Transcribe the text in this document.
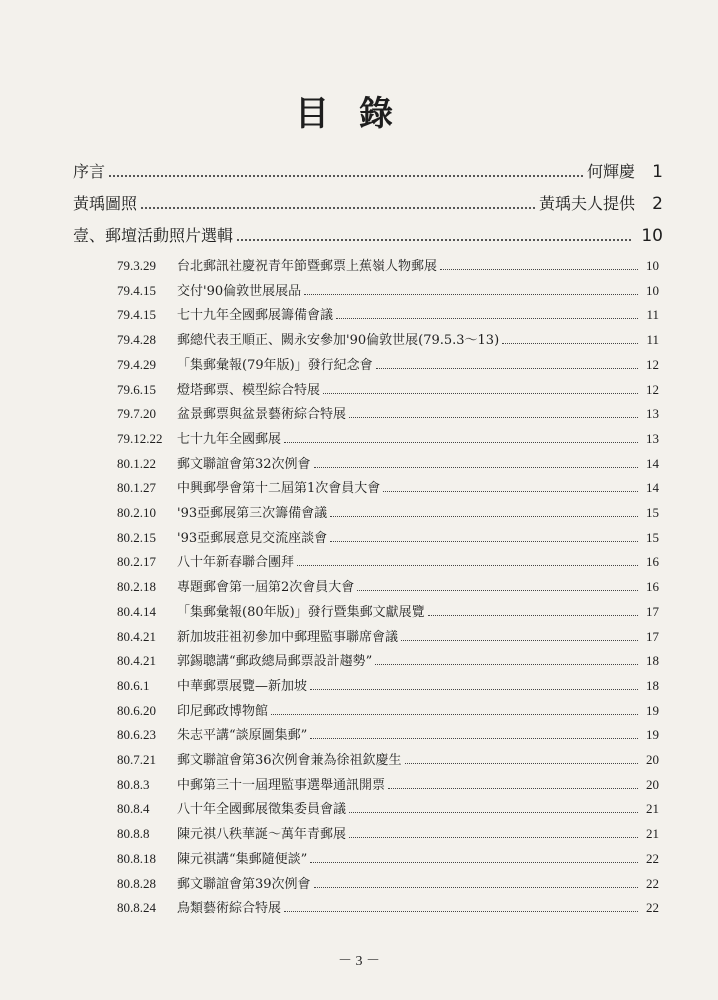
目錄
序言	何輝慶	1
黃瑀圖照	黃瑀夫人提供	2
壹、郵壇活動照片選輯	10
79.3.29	台北郵訊社慶祝青年節暨郵票上蕉嶺人物郵展	10
79.4.15	交付'90倫敦世展展品	10
79.4.15	七十九年全國郵展籌備會議	11
79.4.28	郵總代表王順正、闕永安參加'90倫敦世展(79.5.3～13)	11
79.4.29	「集郵彙報(79年版)」發行紀念會	12
79.6.15	燈塔郵票、模型綜合特展	12
79.7.20	盆景郵票與盆景藝術綜合特展	13
79.12.22	七十九年全國郵展	13
80.1.22	郵文聯誼會第32次例會	14
80.1.27	中興郵學會第十二屆第1次會員大會	14
80.2.10	'93亞郵展第三次籌備會議	15
80.2.15	'93亞郵展意見交流座談會	15
80.2.17	八十年新春聯合團拜	16
80.2.18	專題郵會第一屆第2次會員大會	16
80.4.14	「集郵彙報(80年版)」發行暨集郵文獻展覽	17
80.4.21	新加坡莊祖初參加中郵理監事聯席會議	17
80.4.21	郭錫聰講“郵政總局郵票設計趨勢”	18
80.6.1	中華郵票展覽—新加坡	18
80.6.20	印尼郵政博物館	19
80.6.23	朱志平講“談原圖集郵”	19
80.7.21	郵文聯誼會第36次例會兼為徐祖欽慶生	20
80.8.3	中郵第三十一屆理監事選舉通訊開票	20
80.8.4	八十年全國郵展徵集委員會議	21
80.8.8	陳元祺八秩華誕～萬年青郵展	21
80.8.18	陳元祺講“集郵隨便談”	22
80.8.28	郵文聯誼會第39次例會	22
80.8.24	鳥類藝術綜合特展	22
－ 3 －
